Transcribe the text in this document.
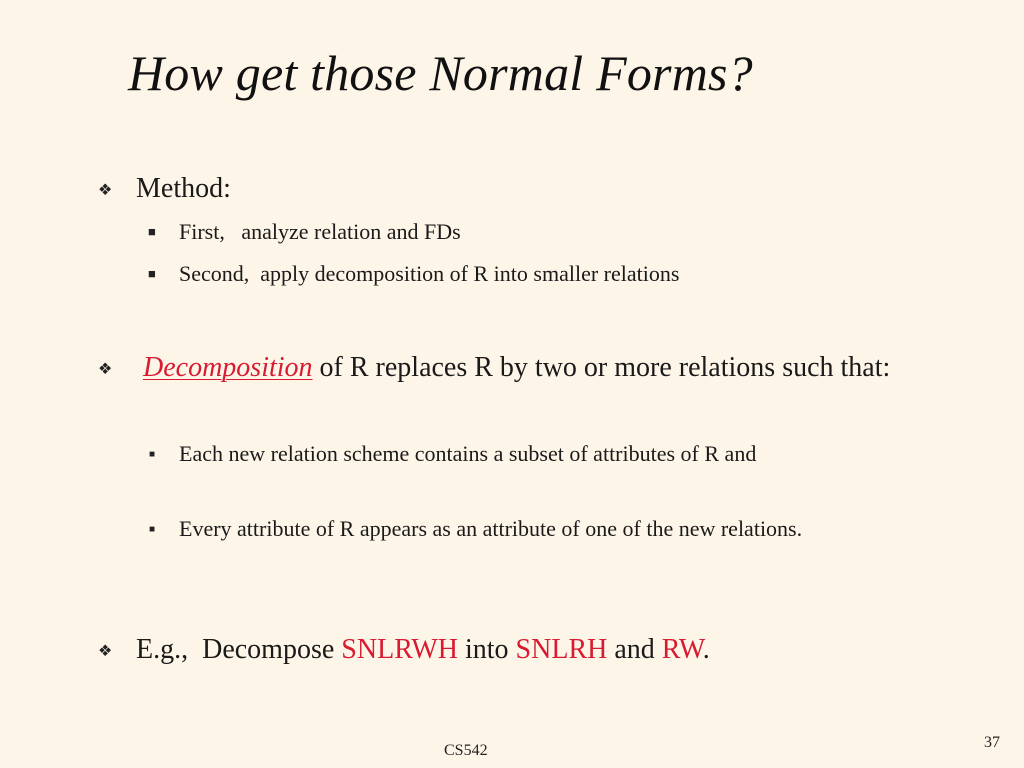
How get those Normal Forms?
❖ Method:
■ First,   analyze relation and FDs
■ Second,  apply decomposition of R into smaller relations
❖ Decomposition of R replaces R by two or more relations such that:
■ Each new relation scheme contains a subset of attributes of R and
■ Every attribute of R appears as an attribute of one of the new relations.
❖ E.g.,  Decompose SNLRWH into SNLRH and RW.
CS542	37
